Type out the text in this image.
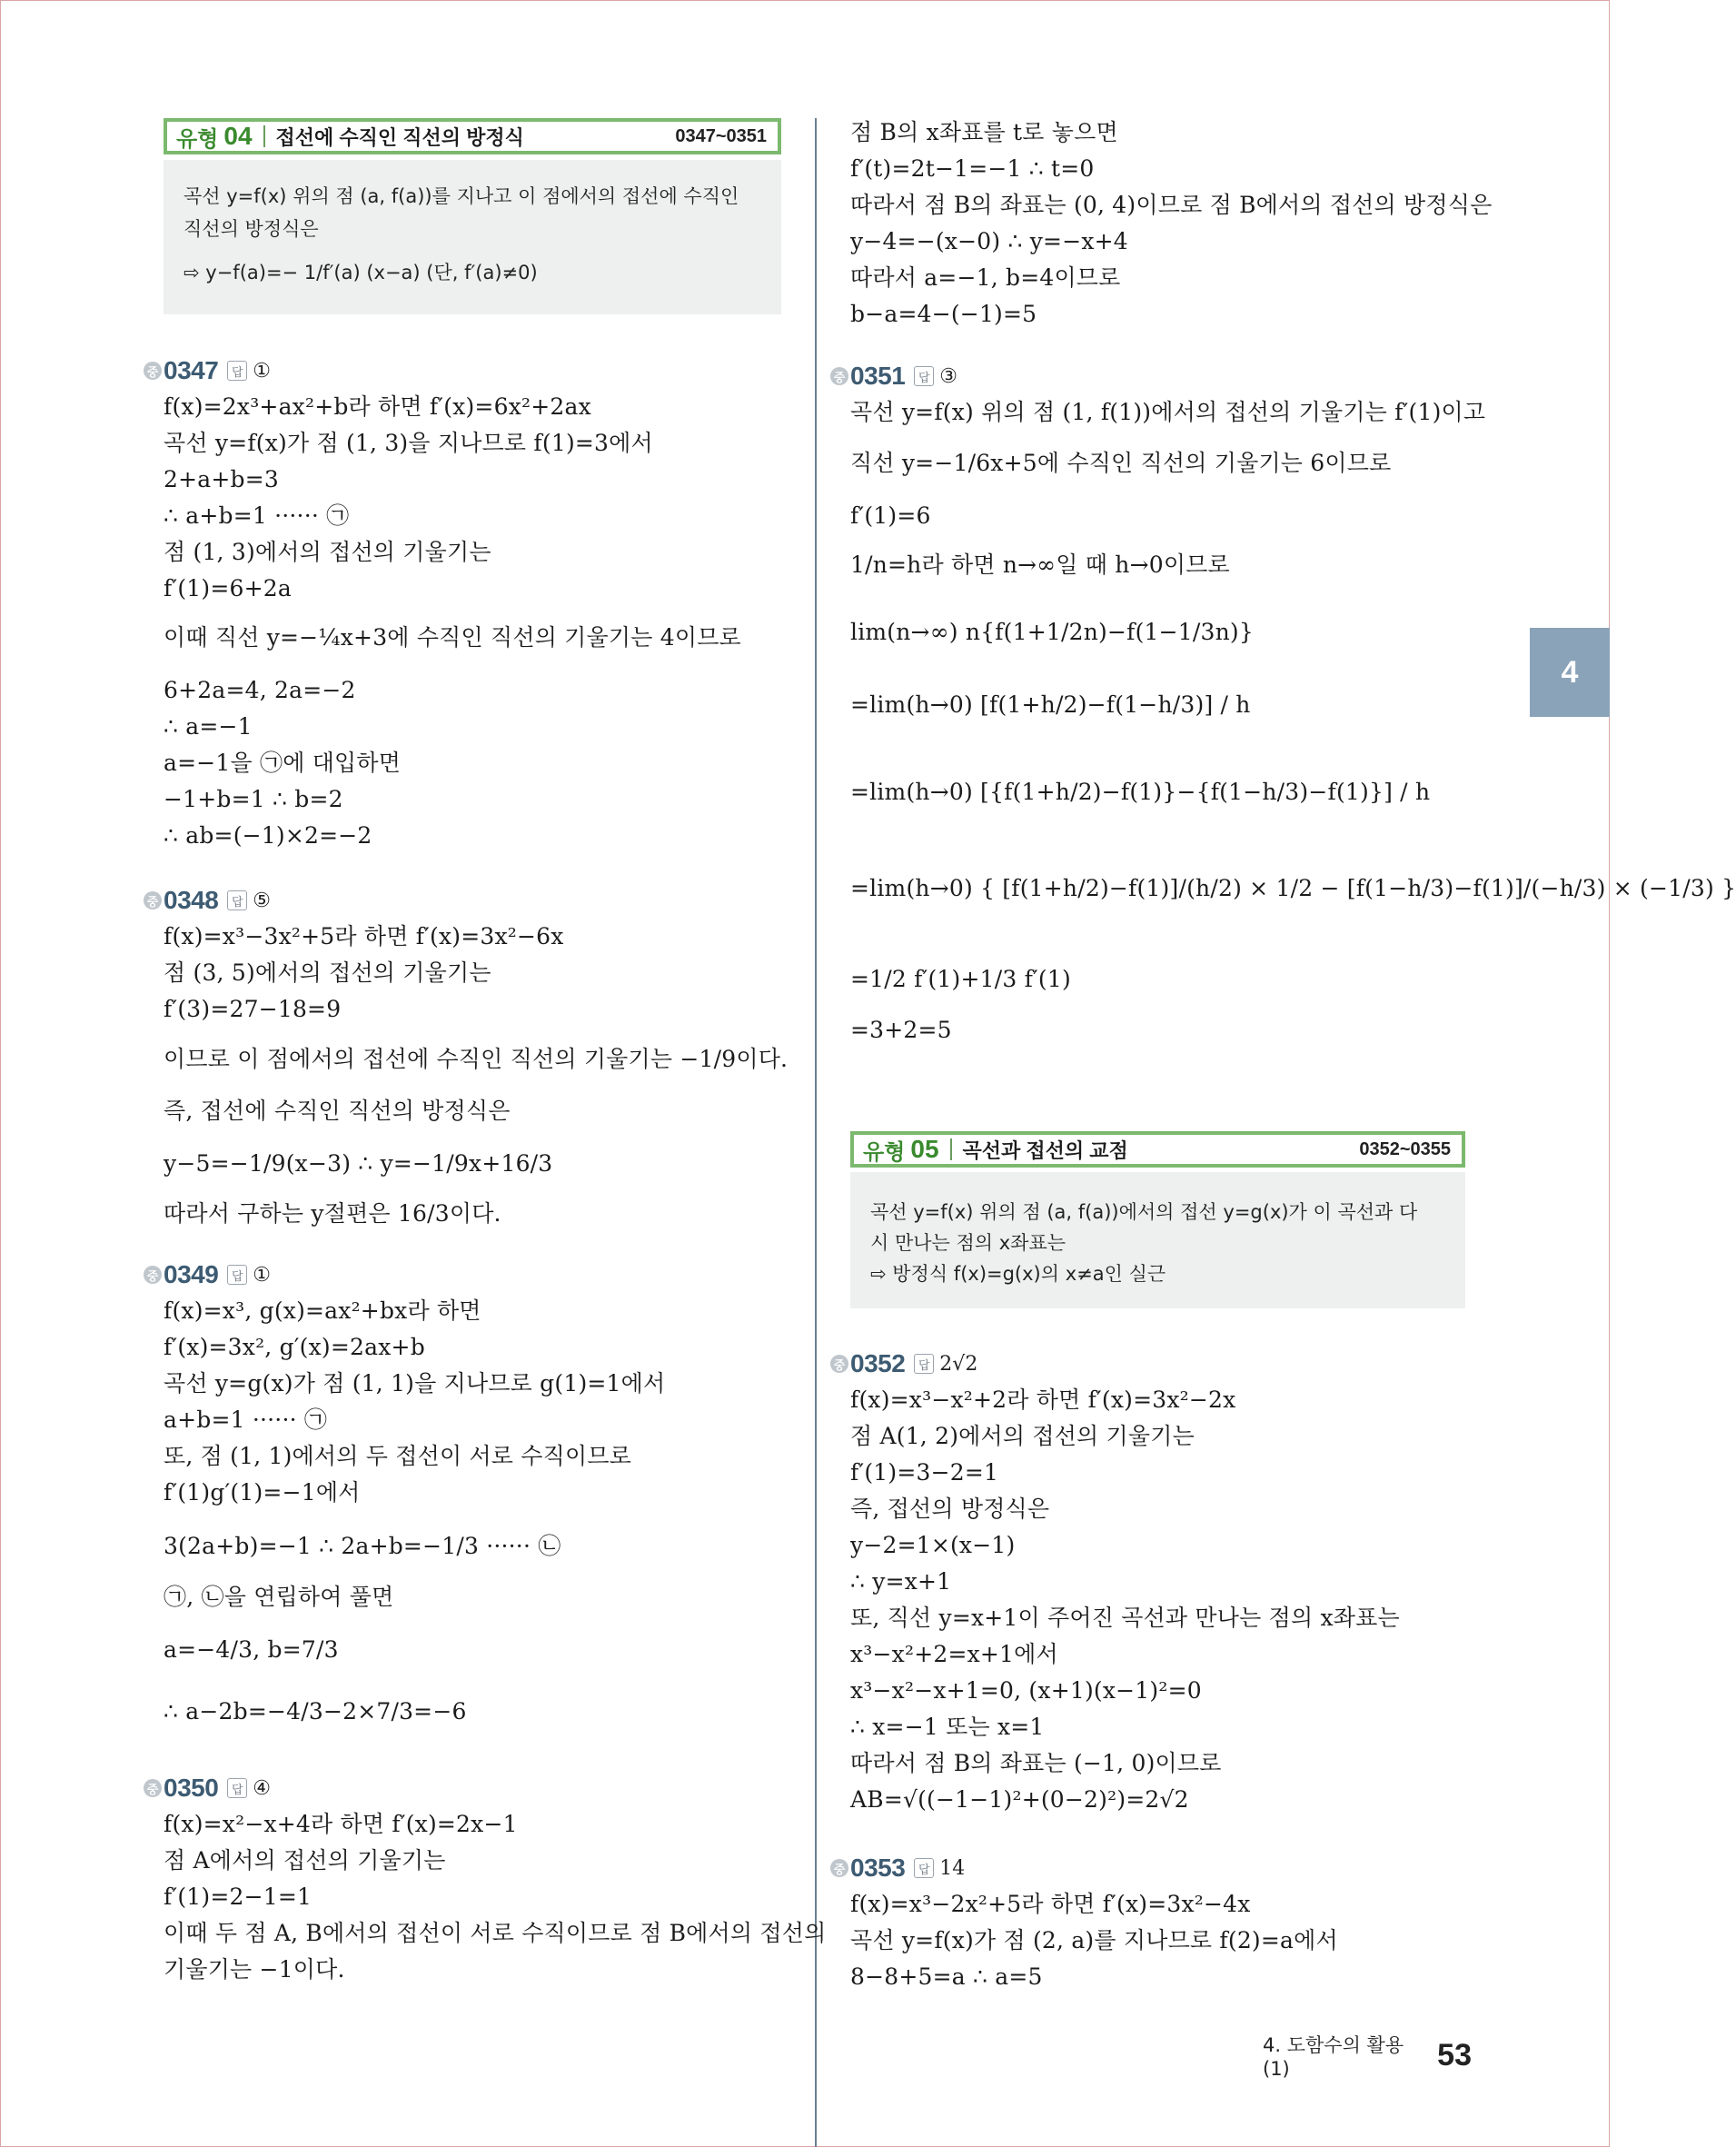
유형 04 접선에 수직인 직선의 방정식	0347~0351
곡선 y=f(x) 위의 점 (a, f(a))를 지나고 이 점에서의 접선에 수직인
직선의 방정식은
⇨ y−f(a)=− 1/f′(a) (x−a) (단, f′(a)≠0)
중 0347	답 ①
f(x)=2x³+ax²+b라 하면 f′(x)=6x²+2ax
곡선 y=f(x)가 점 (1, 3)을 지나므로 f(1)=3에서
2+a+b=3
∴ a+b=1 ······ ㉠
점 (1, 3)에서의 접선의 기울기는
f′(1)=6+2a
이때 직선 y=−¼x+3에 수직인 직선의 기울기는 4이므로
6+2a=4, 2a=−2
∴ a=−1
a=−1을 ㉠에 대입하면
−1+b=1 ∴ b=2
∴ ab=(−1)×2=−2
중 0348	답 ⑤
f(x)=x³−3x²+5라 하면 f′(x)=3x²−6x
점 (3, 5)에서의 접선의 기울기는
f′(3)=27−18=9
이므로 이 점에서의 접선에 수직인 직선의 기울기는 −1/9이다.
즉, 접선에 수직인 직선의 방정식은
y−5=−1/9(x−3) ∴ y=−1/9x+16/3
따라서 구하는 y절편은 16/3이다.
중 0349	답 ①
f(x)=x³, g(x)=ax²+bx라 하면
f′(x)=3x², g′(x)=2ax+b
곡선 y=g(x)가 점 (1, 1)을 지나므로 g(1)=1에서
a+b=1 ······ ㉠
또, 점 (1, 1)에서의 두 접선이 서로 수직이므로
f′(1)g′(1)=−1에서
3(2a+b)=−1 ∴ 2a+b=−1/3 ······ ㉡
㉠, ㉡을 연립하여 풀면
a=−4/3, b=7/3
∴ a−2b=−4/3−2×7/3=−6
중 0350	답 ④
f(x)=x²−x+4라 하면 f′(x)=2x−1
점 A에서의 접선의 기울기는
f′(1)=2−1=1
이때 두 점 A, B에서의 접선이 서로 수직이므로 점 B에서의 접선의
기울기는 −1이다.
점 B의 x좌표를 t로 놓으면
f′(t)=2t−1=−1 ∴ t=0
따라서 점 B의 좌표는 (0, 4)이므로 점 B에서의 접선의 방정식은
y−4=−(x−0) ∴ y=−x+4
따라서 a=−1, b=4이므로
b−a=4−(−1)=5
중 0351	답 ③
곡선 y=f(x) 위의 점 (1, f(1))에서의 접선의 기울기는 f′(1)이고
직선 y=−1/6x+5에 수직인 직선의 기울기는 6이므로
f′(1)=6
1/n=h라 하면 n→∞일 때 h→0이므로
lim(n→∞) n{f(1+1/2n)−f(1−1/3n)}
=lim(h→0) [f(1+h/2)−f(1−h/3)] / h
=lim(h→0) [{f(1+h/2)−f(1)}−{f(1−h/3)−f(1)}] / h
=lim(h→0) { [f(1+h/2)−f(1)]/(h/2) × 1/2 − [f(1−h/3)−f(1)]/(−h/3) × (−1/3) }
=1/2 f′(1)+1/3 f′(1)
=3+2=5
유형 05 곡선과 접선의 교점	0352~0355
곡선 y=f(x) 위의 점 (a, f(a))에서의 접선 y=g(x)가 이 곡선과 다
시 만나는 점의 x좌표는
⇨ 방정식 f(x)=g(x)의 x≠a인 실근
중 0352	답 2√2
f(x)=x³−x²+2라 하면 f′(x)=3x²−2x
점 A(1, 2)에서의 접선의 기울기는
f′(1)=3−2=1
즉, 접선의 방정식은
y−2=1×(x−1)
∴ y=x+1
또, 직선 y=x+1이 주어진 곡선과 만나는 점의 x좌표는
x³−x²+2=x+1에서
x³−x²−x+1=0, (x+1)(x−1)²=0
∴ x=−1 또는 x=1
따라서 점 B의 좌표는 (−1, 0)이므로
AB=√((−1−1)²+(0−2)²)=2√2
중 0353	답 14
f(x)=x³−2x²+5라 하면 f′(x)=3x²−4x
곡선 y=f(x)가 점 (2, a)를 지나므로 f(2)=a에서
8−8+5=a ∴ a=5
4
4. 도함수의 활용 (1)	53
